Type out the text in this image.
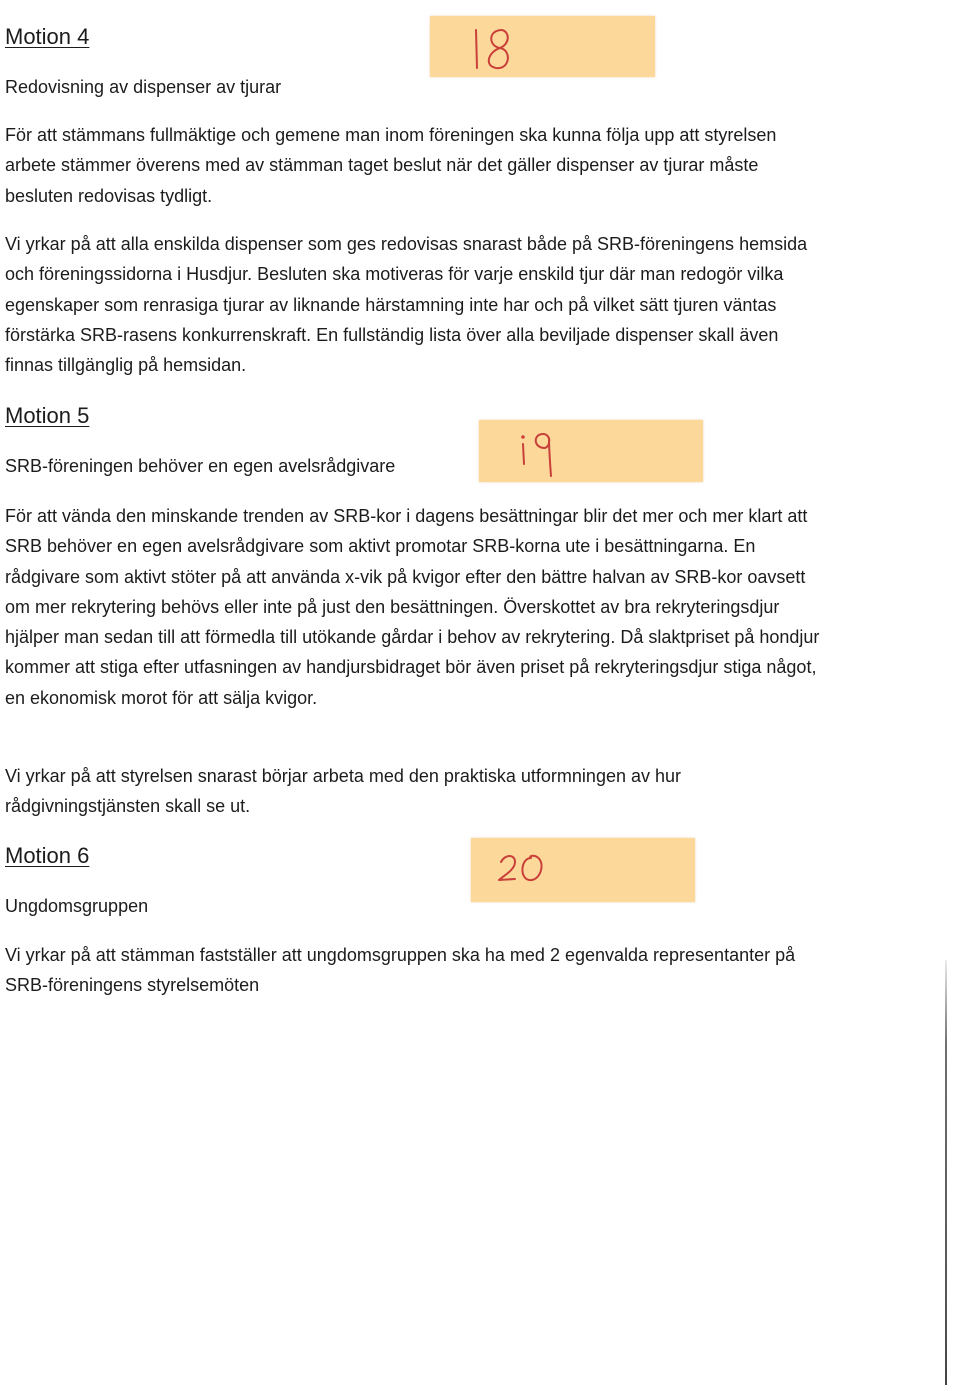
Motion 4

Redovisning av dispenser av tjurar

För att stämmans fullmäktige och gemene man inom föreningen ska kunna följa upp att styrelsen arbete stämmer överens med av stämman taget beslut när det gäller dispenser av tjurar måste besluten redovisas tydligt.

Vi yrkar på att alla enskilda dispenser som ges redovisas snarast både på SRB-föreningens hemsida och föreningssidorna i Husdjur. Besluten ska motiveras för varje enskild tjur där man redogör vilka egenskaper som renrasiga tjurar av liknande härstamning inte har och på vilket sätt tjuren väntas förstärka SRB-rasens konkurrenskraft. En fullständig lista över alla beviljade dispenser skall även finnas tillgänglig på hemsidan.

Motion 5

SRB-föreningen behöver en egen avelsrådgivare

För att vända den minskande trenden av SRB-kor i dagens besättningar blir det mer och mer klart att SRB behöver en egen avelsrådgivare som aktivt promotar SRB-korna ute i besättningarna. En rådgivare som aktivt stöter på att använda x-vik på kvigor efter den bättre halvan av SRB-kor oavsett om mer rekrytering behövs eller inte på just den besättningen. Överskottet av bra rekryteringsdjur hjälper man sedan till att förmedla till utökande gårdar i behov av rekrytering. Då slaktpriset på hondjur kommer att stiga efter utfasningen av handjursbidraget bör även priset på rekryteringsdjur stiga något, en ekonomisk morot för att sälja kvigor.

Vi yrkar på att styrelsen snarast börjar arbeta med den praktiska utformningen av hur rådgivningstjänsten skall se ut.

Motion 6

Ungdomsgruppen

Vi yrkar på att stämman fastställer att ungdomsgruppen ska ha med 2 egenvalda representanter på SRB-föreningens styrelsemöten
